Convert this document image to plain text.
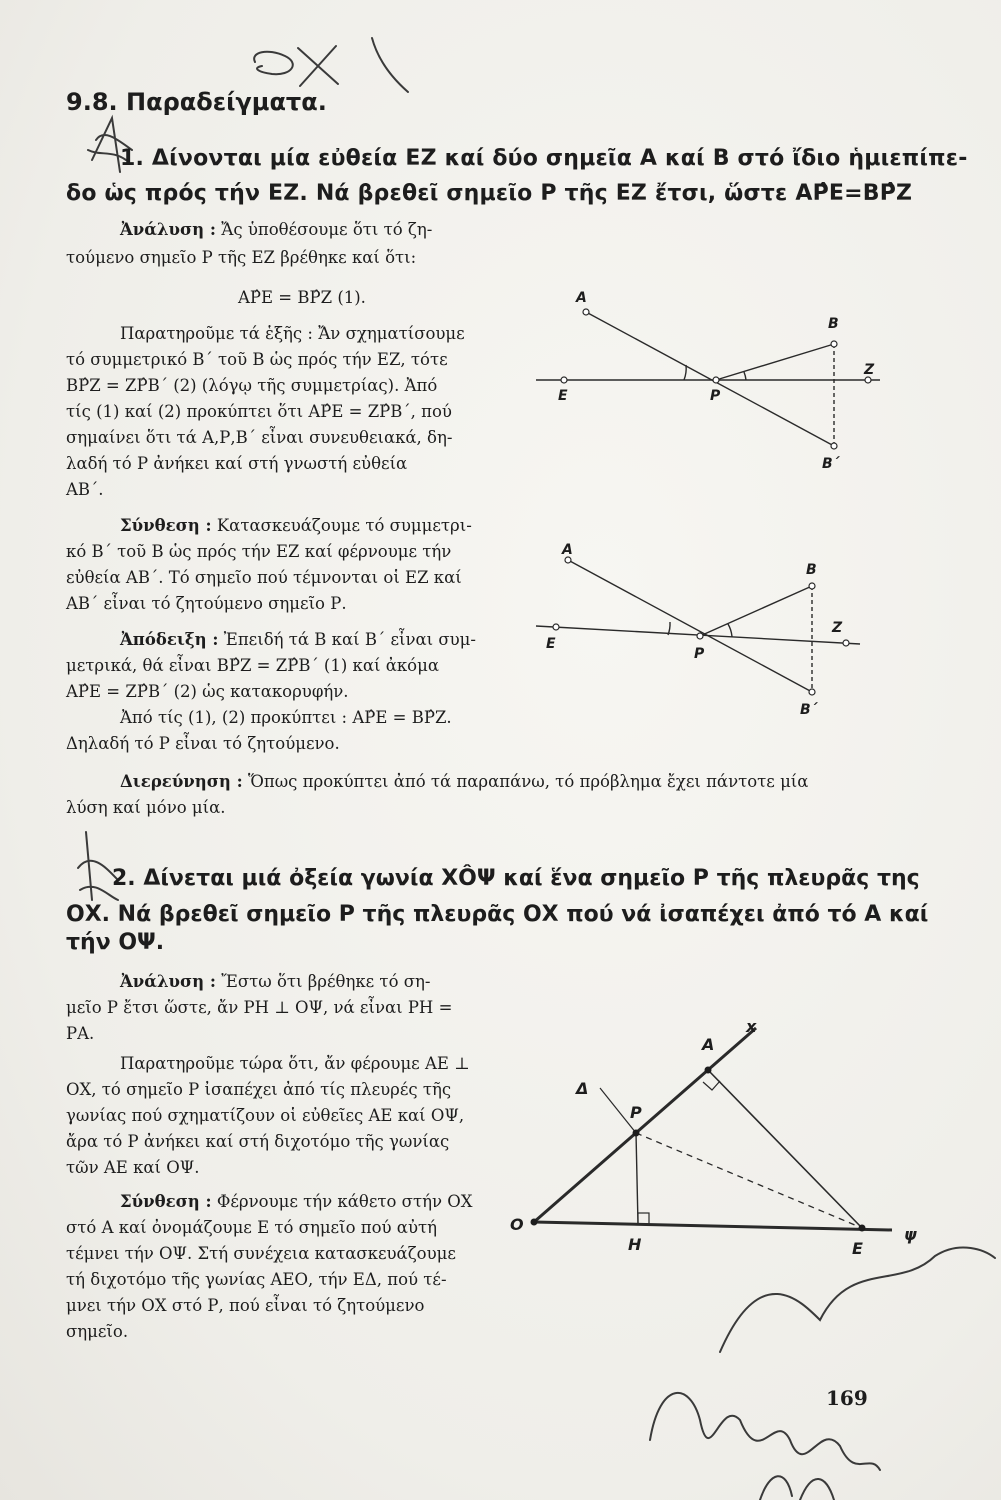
9.8. Παραδείγματα.
1. Δίνονται μία εὐθεία ΕΖ καί δύο σημεῖα Α καί Β στό ἴδιο ἡμιεπίπε-
δο ὡς πρός τήν ΕΖ. Νά βρεθεῖ σημεῖο Ρ τῆς ΕΖ ἔτσι, ὥστε ΑΡ̂Ε=ΒΡ̂Ζ
Ἀνάλυση : Ἄς ὑποθέσουμε ὅτι τό ζη-
τούμενο σημεῖο Ρ τῆς ΕΖ βρέθηκε καί ὅτι:
ΑΡ̂Ε = ΒΡ̂Ζ (1).
Παρατηροῦμε τά ἑξῆς : Ἄν σχηματίσουμε
τό συμμετρικό Β΄ τοῦ Β ὡς πρός τήν ΕΖ, τότε
ΒΡ̂Ζ = ΖΡ̂Β΄ (2) (λόγῳ τῆς συμμετρίας). Ἀπό
τίς (1) καί (2) προκύπτει ὅτι ΑΡ̂Ε = ΖΡ̂Β΄, πού
σημαίνει ὅτι τά Α,Ρ,Β΄ εἶναι συνευθειακά, δη-
λαδή τό Ρ ἀνήκει καί στή γνωστή εὐθεία
ΑΒ΄.
Σύνθεση : Κατασκευάζουμε τό συμμετρι-
κό Β΄ τοῦ Β ὡς πρός τήν ΕΖ καί φέρνουμε τήν
εὐθεία ΑΒ΄. Τό σημεῖο πού τέμνονται οἱ ΕΖ καί
ΑΒ΄ εἶναι τό ζητούμενο σημεῖο Ρ.
Ἀπόδειξη : Ἐπειδή τά Β καί Β΄ εἶναι συμ-
μετρικά, θά εἶναι ΒΡ̂Ζ = ΖΡ̂Β΄ (1) καί ἀκόμα
ΑΡ̂Ε = ΖΡ̂Β΄ (2) ὡς κατακορυφήν.
Ἀπό τίς (1), (2) προκύπτει : ΑΡ̂Ε = ΒΡ̂Ζ.
Δηλαδή τό Ρ εἶναι τό ζητούμενο.
Διερεύνηση : Ὅπως προκύπτει ἀπό τά παραπάνω, τό πρόβλημα ἔχει πάντοτε μία
λύση καί μόνο μία.
A
B
Z
E	P
B΄
A
B
Z
E
P
B΄
2. Δίνεται μιά ὀξεία γωνία ΧÔΨ καί ἕνα σημεῖο Ρ τῆς πλευρᾶς της
ΟΧ. Νά βρεθεῖ σημεῖο Ρ τῆς πλευρᾶς ΟΧ πού νά ἰσαπέχει ἀπό τό Α καί
τήν ΟΨ.
Ἀνάλυση : Ἔστω ὅτι βρέθηκε τό ση-
μεῖο Ρ ἔτσι ὥστε, ἄν ΡΗ ⊥ ΟΨ, νά εἶναι ΡΗ =
ΡΑ.
Παρατηροῦμε τώρα ὅτι, ἄν φέρουμε ΑΕ ⊥
ΟΧ, τό σημεῖο Ρ ἰσαπέχει ἀπό τίς πλευρές τῆς
γωνίας πού σχηματίζουν οἱ εὐθεῖες ΑΕ καί ΟΨ,
ἄρα τό Ρ ἀνήκει καί στή διχοτόμο τῆς γωνίας
τῶν ΑΕ καί ΟΨ.
Σύνθεση : Φέρνουμε τήν κάθετο στήν ΟΧ
στό Α καί ὀνομάζουμε Ε τό σημεῖο πού αὐτή
τέμνει τήν ΟΨ. Στή συνέχεια κατασκευάζουμε
τή διχοτόμο τῆς γωνίας ΑΕΟ, τήν ΕΔ, πού τέ-
μνει τήν ΟΧ στό Ρ, πού εἶναι τό ζητούμενο
σημεῖο.
x
A
Δ
P
O
H	E
ψ
169
